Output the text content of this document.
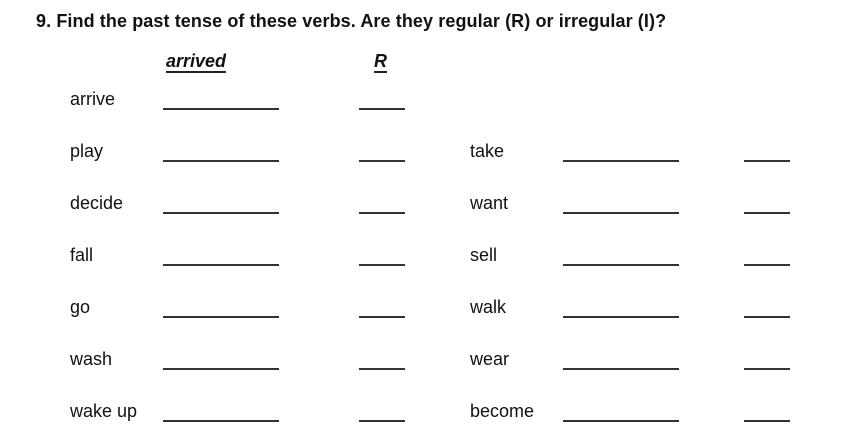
9. Find the past tense of these verbs. Are they regular (R) or irregular (I)?
arrived	R
arrive
play
decide
fall
go
wash
wake up
take
want
sell
walk
wear
become
